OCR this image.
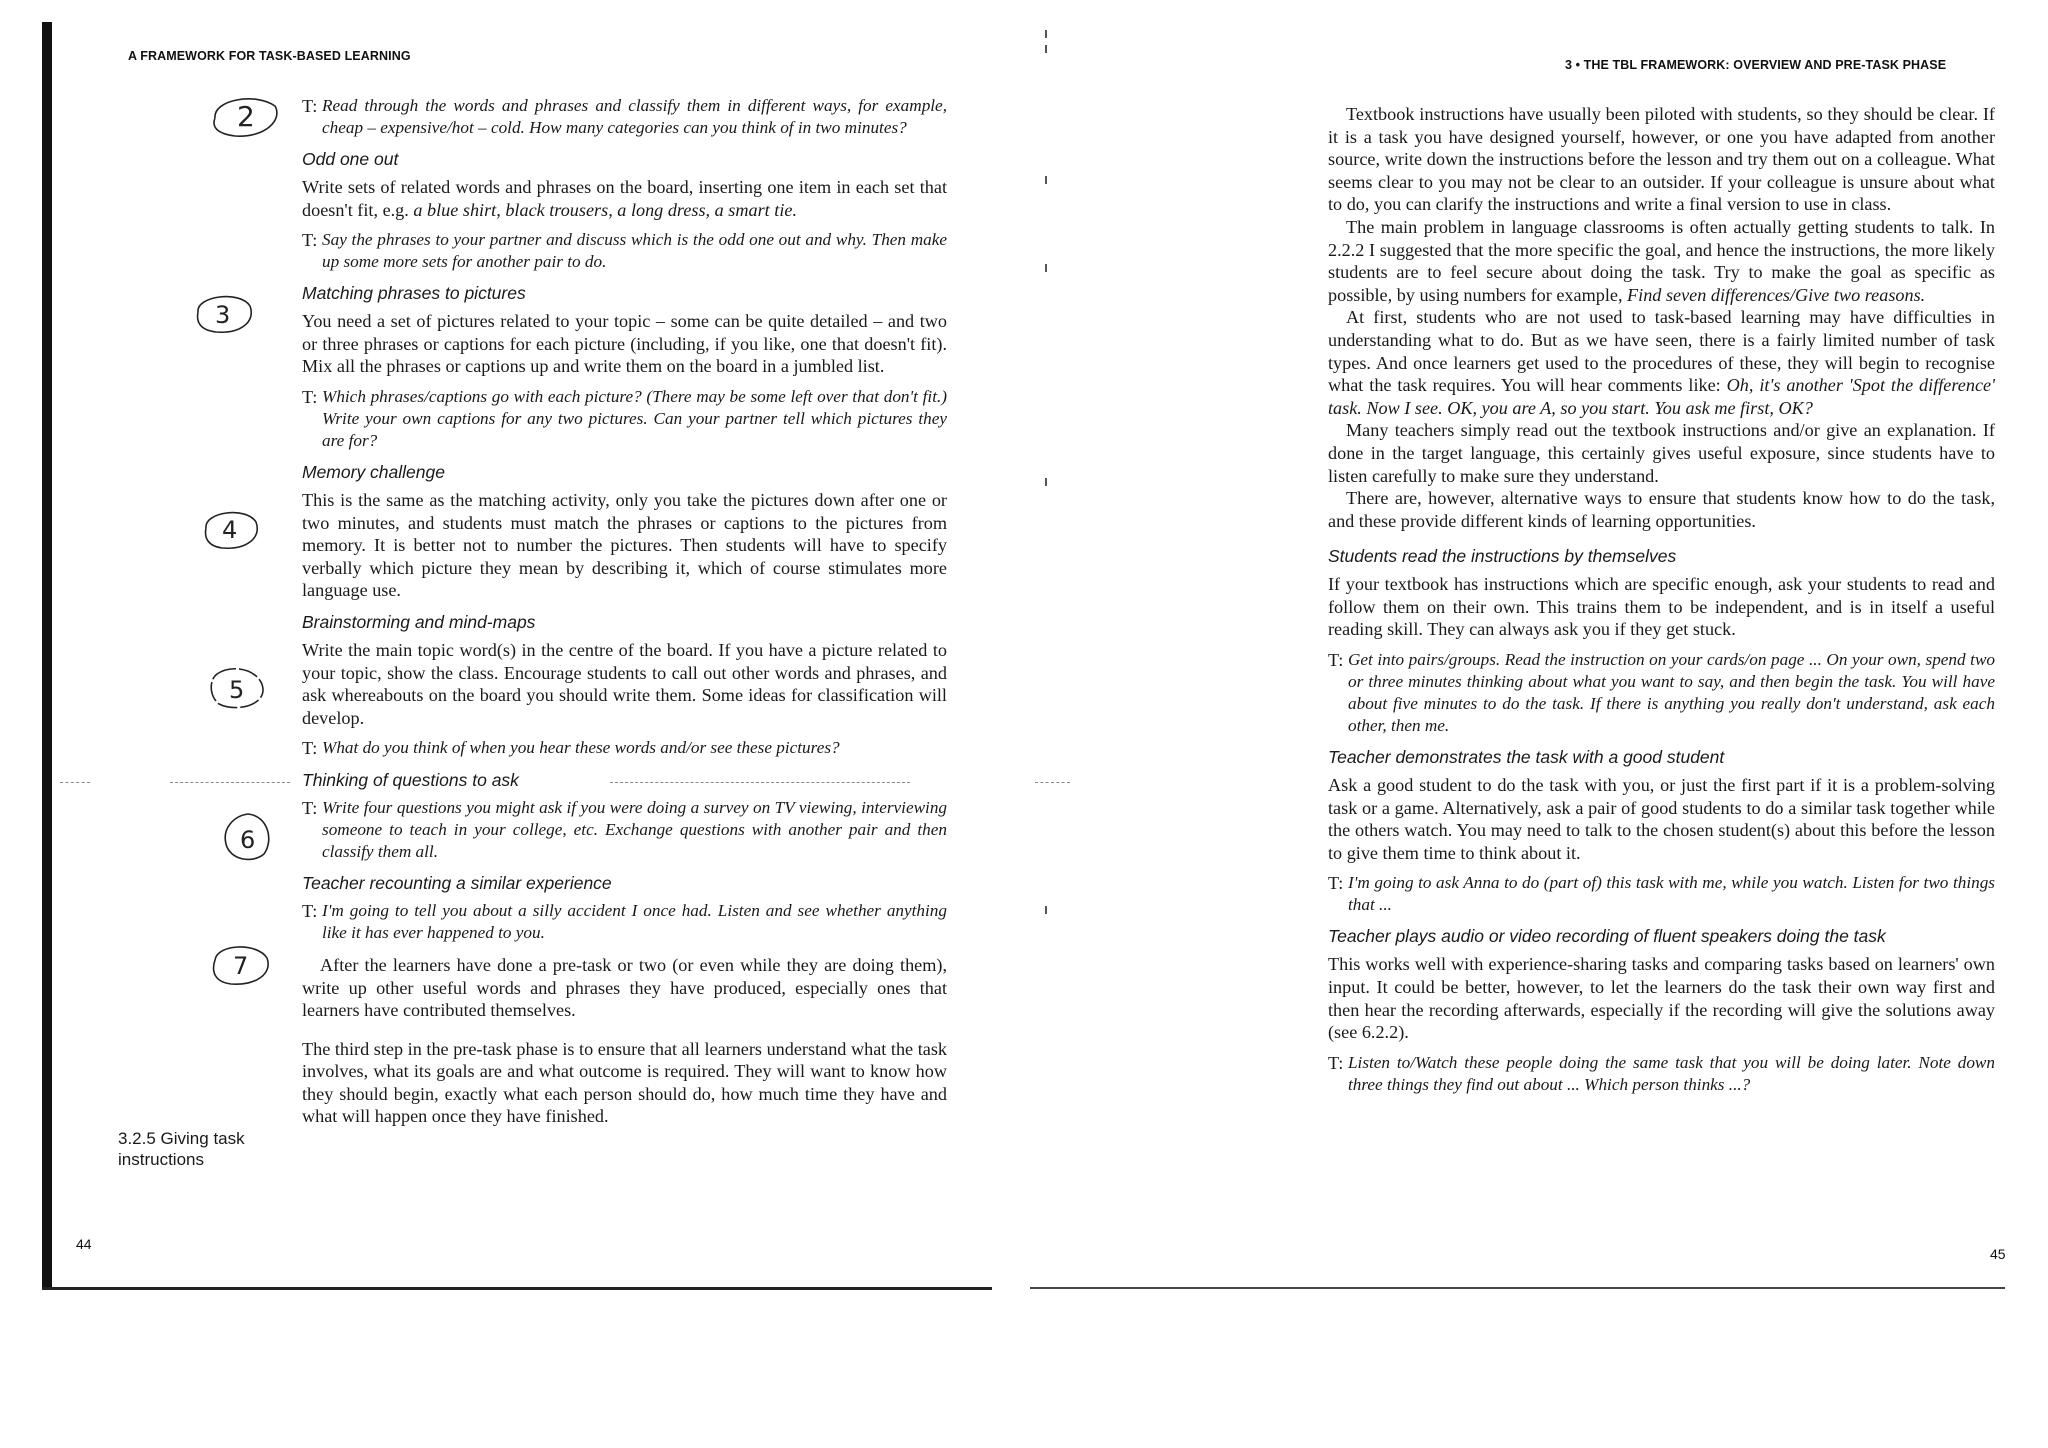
A FRAMEWORK FOR TASK-BASED LEARNING
2
3
4
5
6
7
T: Read through the words and phrases and classify them in different ways, for example, cheap – expensive/hot – cold. How many categories can you think of in two minutes?
Odd one out

Write sets of related words and phrases on the board, inserting one item in each set that doesn't fit, e.g. a blue shirt, black trousers, a long dress, a smart tie.

T: Say the phrases to your partner and discuss which is the odd one out and why. Then make up some more sets for another pair to do.
Matching phrases to pictures

You need a set of pictures related to your topic – some can be quite detailed – and two or three phrases or captions for each picture (including, if you like, one that doesn't fit). Mix all the phrases or captions up and write them on the board in a jumbled list.

T: Which phrases/captions go with each picture? (There may be some left over that don't fit.) Write your own captions for any two pictures. Can your partner tell which pictures they are for?
Memory challenge

This is the same as the matching activity, only you take the pictures down after one or two minutes, and students must match the phrases or captions to the pictures from memory. It is better not to number the pictures. Then students will have to specify verbally which picture they mean by describing it, which of course stimulates more language use.

Brainstorming and mind-maps

Write the main topic word(s) in the centre of the board. If you have a picture related to your topic, show the class. Encourage students to call out other words and phrases, and ask whereabouts on the board you should write them. Some ideas for classification will develop.

T: What do you think of when you hear these words and/or see these pictures?
Thinking of questions to ask
T: Write four questions you might ask if you were doing a survey on TV viewing, interviewing someone to teach in your college, etc. Exchange questions with another pair and then classify them all.
Teacher recounting a similar experience
T: I'm going to tell you about a silly accident I once had. Listen and see whether anything like it has ever happened to you.

After the learners have done a pre-task or two (or even while they are doing them), write up other useful words and phrases they have produced, especially ones that learners have contributed themselves.

The third step in the pre-task phase is to ensure that all learners understand what the task involves, what its goals are and what outcome is required. They will want to know how they should begin, exactly what each person should do, how much time they have and what will happen once they have finished.

3.2.5 Giving task instructions
44
3 • THE TBL FRAMEWORK: OVERVIEW AND PRE-TASK PHASE

Textbook instructions have usually been piloted with students, so they should be clear. If it is a task you have designed yourself, however, or one you have adapted from another source, write down the instructions before the lesson and try them out on a colleague. What seems clear to you may not be clear to an outsider. If your colleague is unsure about what to do, you can clarify the instructions and write a final version to use in class.

The main problem in language classrooms is often actually getting students to talk. In 2.2.2 I suggested that the more specific the goal, and hence the instructions, the more likely students are to feel secure about doing the task. Try to make the goal as specific as possible, by using numbers for example, Find seven differences/Give two reasons.

At first, students who are not used to task-based learning may have difficulties in understanding what to do. But as we have seen, there is a fairly limited number of task types. And once learners get used to the procedures of these, they will begin to recognise what the task requires. You will hear comments like: Oh, it's another 'Spot the difference' task. Now I see. OK, you are A, so you start. You ask me first, OK?

Many teachers simply read out the textbook instructions and/or give an explanation. If done in the target language, this certainly gives useful exposure, since students have to listen carefully to make sure they understand.

There are, however, alternative ways to ensure that students know how to do the task, and these provide different kinds of learning opportunities.

Students read the instructions by themselves

If your textbook has instructions which are specific enough, ask your students to read and follow them on their own. This trains them to be independent, and is in itself a useful reading skill. They can always ask you if they get stuck.

T: Get into pairs/groups. Read the instruction on your cards/on page ... On your own, spend two or three minutes thinking about what you want to say, and then begin the task. You will have about five minutes to do the task. If there is anything you really don't understand, ask each other, then me.
Teacher demonstrates the task with a good student

Ask a good student to do the task with you, or just the first part if it is a problem-solving task or a game. Alternatively, ask a pair of good students to do a similar task together while the others watch. You may need to talk to the chosen student(s) about this before the lesson to give them time to think about it.

T: I'm going to ask Anna to do (part of) this task with me, while you watch. Listen for two things that ...
Teacher plays audio or video recording of fluent speakers doing the task

This works well with experience-sharing tasks and comparing tasks based on learners' own input. It could be better, however, to let the learners do the task their own way first and then hear the recording afterwards, especially if the recording will give the solutions away (see 6.2.2).

T: Listen to/Watch these people doing the same task that you will be doing later. Note down three things they find out about ... Which person thinks ...?
45
